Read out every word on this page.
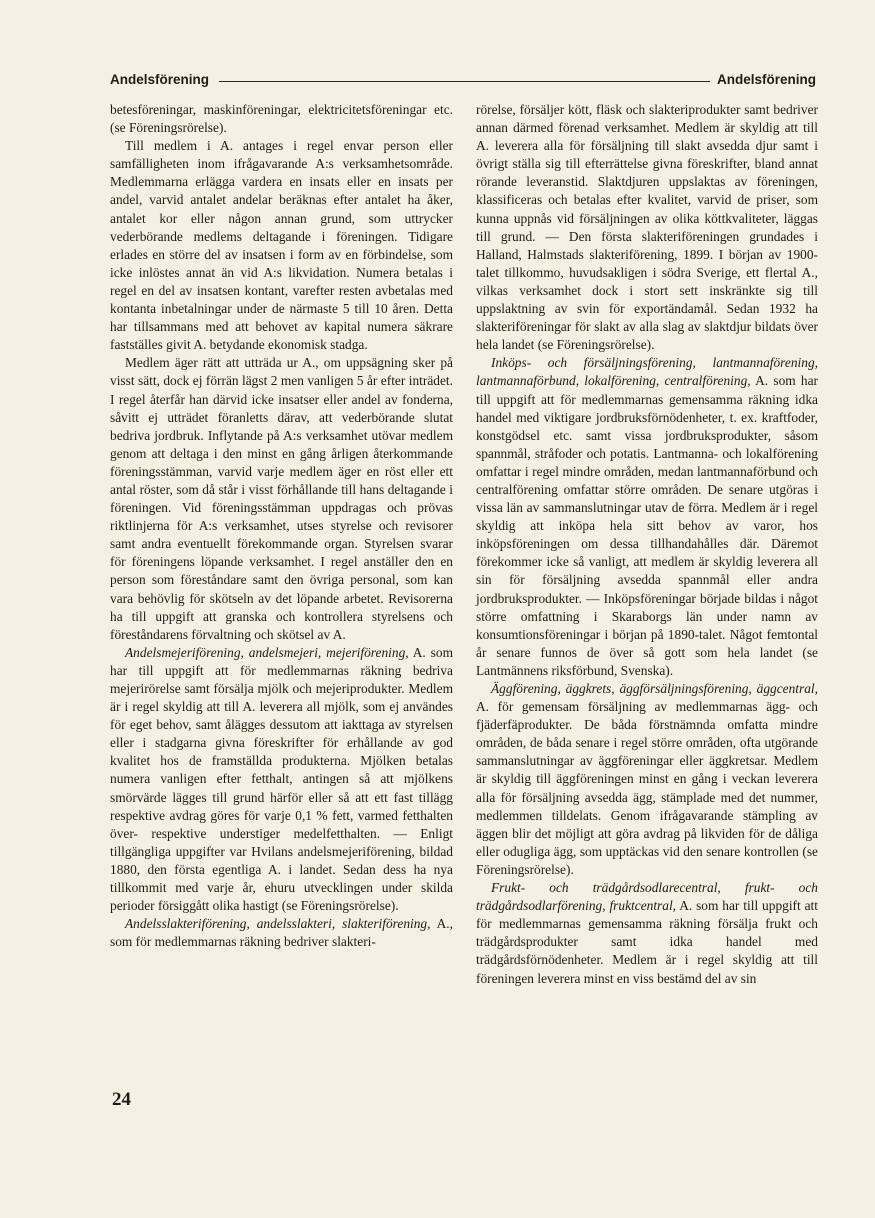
Andelsförening	Andelsförening

betesföreningar, maskinföreningar, elektricitetsföreningar etc. (se Föreningsrörelse).

Till medlem i A. antages i regel envar person eller samfälligheten inom ifrågavarande A:s verksamhetsområde. Medlemmarna erlägga vardera en insats eller en insats per andel, varvid antalet andelar beräknas efter antalet ha åker, antalet kor eller någon annan grund, som uttrycker vederbörande medlems deltagande i föreningen. Tidigare erlades en större del av insatsen i form av en förbindelse, som icke inlöstes annat än vid A:s likvidation. Numera betalas i regel en del av insatsen kontant, varefter resten avbetalas med kontanta inbetalningar under de närmaste 5 till 10 åren. Detta har tillsammans med att behovet av kapital numera säkrare fastställes givit A. betydande ekonomisk stadga.

Medlem äger rätt att utträda ur A., om uppsägning sker på visst sätt, dock ej förrän lägst 2 men vanligen 5 år efter inträdet. I regel återfår han därvid icke insatser eller andel av fonderna, såvitt ej utträdet föranletts därav, att vederbörande slutat bedriva jordbruk. Inflytande på A:s verksamhet utövar medlem genom att deltaga i den minst en gång årligen återkommande föreningsstämman, varvid varje medlem äger en röst eller ett antal röster, som då står i visst förhållande till hans deltagande i föreningen. Vid föreningsstämman uppdragas och prövas riktlinjerna för A:s verksamhet, utses styrelse och revisorer samt andra eventuellt förekommande organ. Styrelsen svarar för föreningens löpande verksamhet. I regel anställer den en person som föreståndare samt den övriga personal, som kan vara behövlig för skötseln av det löpande arbetet. Revisorerna ha till uppgift att granska och kontrollera styrelsens och föreståndarens förvaltning och skötsel av A.

Andelsmejeriförening, andelsmejeri, mejeriförening, A. som har till uppgift att för medlemmarnas räkning bedriva mejerirörelse samt försälja mjölk och mejeriprodukter. Medlem är i regel skyldig att till A. leverera all mjölk, som ej användes för eget behov, samt ålägges dessutom att iakttaga av styrelsen eller i stadgarna givna föreskrifter för erhållande av god kvalitet hos de framställda produkterna. Mjölken betalas numera vanligen efter fetthalt, antingen så att mjölkens smörvärde lägges till grund härför eller så att ett fast tillägg respektive avdrag göres för varje 0,1 % fett, varmed fetthalten över- respektive understiger medelfetthalten. — Enligt tillgängliga uppgifter var Hvilans andelsmejeriförening, bildad 1880, den första egentliga A. i landet. Sedan dess ha nya tillkommit med varje år, ehuru utvecklingen under skilda perioder försiggått olika hastigt (se Föreningsrörelse).

Andelsslakteriförening, andelsslakteri, slakteriförening, A., som för medlemmarnas räkning bedriver slakteri-

rörelse, försäljer kött, fläsk och slakteriprodukter samt bedriver annan därmed förenad verksamhet. Medlem är skyldig att till A. leverera alla för försäljning till slakt avsedda djur samt i övrigt ställa sig till efterrättelse givna föreskrifter, bland annat rörande leveranstid. Slaktdjuren uppslaktas av föreningen, klassificeras och betalas efter kvalitet, varvid de priser, som kunna uppnås vid försäljningen av olika köttkvaliteter, läggas till grund. — Den första slakteriföreningen grundades i Halland, Halmstads slakteriförening, 1899. I början av 1900-talet tillkommo, huvudsakligen i södra Sverige, ett flertal A., vilkas verksamhet dock i stort sett inskränkte sig till uppslaktning av svin för exportändamål. Sedan 1932 ha slakteriföreningar för slakt av alla slag av slaktdjur bildats över hela landet (se Föreningsrörelse).

Inköps- och försäljningsförening, lantmannaförening, lantmannaförbund, lokalförening, centralförening, A. som har till uppgift att för medlemmarnas gemensamma räkning idka handel med viktigare jordbruksförnödenheter, t. ex. kraftfoder, konstgödsel etc. samt vissa jordbruksprodukter, såsom spannmål, stråfoder och potatis. Lantmanna- och lokalförening omfattar i regel mindre områden, medan lantmannaförbund och centralförening omfattar större områden. De senare utgöras i vissa län av sammanslutningar utav de förra. Medlem är i regel skyldig att inköpa hela sitt behov av varor, hos inköpsföreningen om dessa tillhandahålles där. Däremot förekommer icke så vanligt, att medlem är skyldig leverera all sin för försäljning avsedda spannmål eller andra jordbruksprodukter. — Inköpsföreningar började bildas i något större omfattning i Skaraborgs län under namn av konsumtionsföreningar i början på 1890-talet. Något femtontal år senare funnos de över så gott som hela landet (se Lantmännens riksförbund, Svenska).

Äggförening, äggkrets, äggförsäljningsförening, äggcentral, A. för gemensam försäljning av medlemmarnas ägg- och fjäderfäprodukter. De båda förstnämnda omfatta mindre områden, de båda senare i regel större områden, ofta utgörande sammanslutningar av äggföreningar eller äggkretsar. Medlem är skyldig till äggföreningen minst en gång i veckan leverera alla för försäljning avsedda ägg, stämplade med det nummer, medlemmen tilldelats. Genom ifrågavarande stämpling av äggen blir det möjligt att göra avdrag på likviden för de dåliga eller odugliga ägg, som upptäckas vid den senare kontrollen (se Föreningsrörelse).

Frukt- och trädgårdsodlarecentral, frukt- och trädgårdsodlarförening, fruktcentral, A. som har till uppgift att för medlemmarnas gemensamma räkning försälja frukt och trädgårdsprodukter samt idka handel med trädgårdsförnödenheter. Medlem är i regel skyldig att till föreningen leverera minst en viss bestämd del av sin

24
